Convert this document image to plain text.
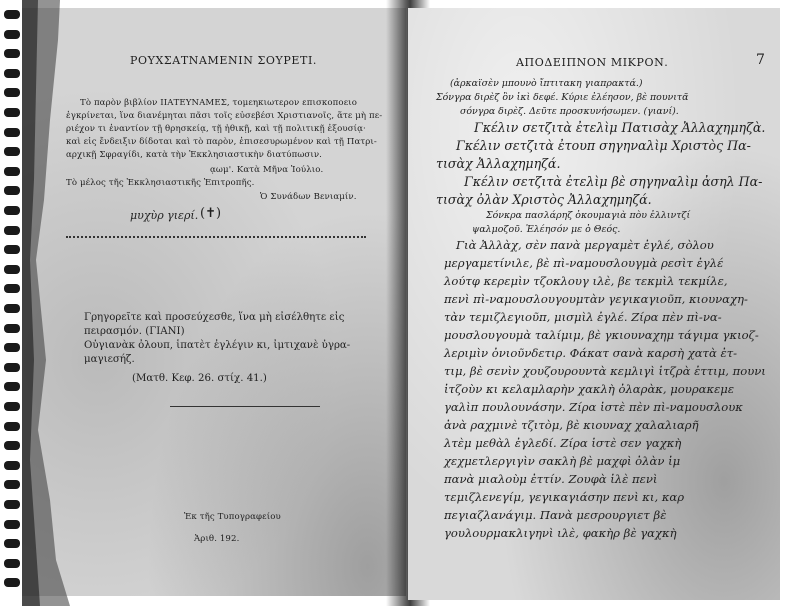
ΡΟΥΧΣΑΤΝΑΜΕΝΙΝ ΣΟΥΡΕΤΙ.
Τὸ παρὸν βιβλίον ΙΙΑΤΕΥΝΑΜΕΣ, τομεηκιωτερον επισκοποειο
ἐγκρίνεται, ἵνα διανέμηται πᾶσι τοῖς εὐσεβέσι Χριστιανοῖς, ἅτε μὴ πε-
ριέχον τι ἐναντίον τῇ θρησκείᾳ, τῇ ἠθικῇ, καὶ τῇ πολιτικῇ ἐξουσίᾳ·
καὶ εἰς ἔνδειξιν δίδοται καὶ τὸ παρὸν, ἐπισεσυρωμένον καὶ τῇ Πατρι-
αρχικῇ Σφραγίδι, κατὰ τὴν Ἐκκλησιαστικὴν διατύπωσιν.
ᾳωμ'. Κατὰ Μῆνα Ἰούλιο.
Τὸ μέλος τῆς Ἐκκλησιαστικῆς Ἐπιτροπῆς.
Ὁ Συνάδων Βενιαμίν.
μυχὺρ γιερί. (✝)
Γρηγορεῖτε καὶ προσεύχεσθε, ἵνα μὴ εἰσέλθητε εἰς
πειρασμόν. (ΓΙΑΝΙ)
Οὐγιανὰκ ὀλουπ, ἱπατὲτ ἐγλέγιν κι, ἰμτιχανὲ ὐγρα-
μαγιεσήζ.
(Ματθ. Κεφ. 26. στίχ. 41.)
Ἐκ τῆς Τυπογραφείου
Ἀριθ. 192.
ΑΠΟΔΕΙΠΝΟΝ ΜΙΚΡΟΝ.	7
(ἀρκαϊσὲν μπουνὸ ἴπτιτακη γιαπρακτά.)
Σόνγρα διρὲζ ὂν ἰκὶ δεφέ. Κύριε ἐλέησον, βὲ πουνιτᾶ
σόνγρα διρὲζ. Δεῦτε προσκυνήσωμεν. (γιανί).
Γκέλιν σετζιτὰ ἐτελὶμ Πατισὰχ Ἀλλαχημηζὰ.
Γκέλιν σετζιτὰ ἐτουπ σηγηναλὶμ Χριστὸς Πα-
τισὰχ Ἀλλαχημηζά.
Γκέλιν σετζιτὰ ἐτελὶμ βὲ σηγηναλὶμ ἀσηλ Πα-
τισὰχ ὀλὰν Χριστὸς Ἀλλαχημηζά.
Σόνκρα πασλάρηζ ὀκουμαγιὰ πὸυ ἐλλιντζί
ψαλμοζοῦ. Ἐλέησόν με ὁ Θεός.
Γιὰ Ἀλλὰχ, σὲν πανὰ μεργαμὲτ ἐγλέ, σὸλου
μεργαμετίνιλε, βὲ πὶ-ναμουσλουγμὰ ρεσὶτ ἐγλέ
λούτφ κερεμὶν τζοκλουγ ιλὲ, βε τεκμὶλ τεκμίλε,
πενὶ πὶ-ναμουσλουγουμτὰν γεγικαγιοῦπ, κιουναχη-
τὰν τεμιζλεγιοῦπ, μισμὶλ ἐγλέ. Ζίρα πὲν πὶ-να-
μουσλουγουμὰ ταλίμιμ, βὲ γκιουναχημ τάγιμα γκιοζ-
λεριμὶν ὀνιοῦνδετιρ. Φάκατ σανὰ καρσὴ χατὰ ἐτ-
τιμ, βὲ σενὶν χουζουρουντὰ κεμλιγὶ ἰτζρὰ ἐττιμ, πουνι
ἰτζοὺν κι κελαμλαρὴν χακλὴ ὀλαρὰκ, μουρακεμε
γαλὶπ πουλουνάσην. Ζίρα ἰστὲ πὲν πὶ-ναμουσλουκ
ἀνὰ ραχμινὲ τζιτὸμ, βὲ κιουναχ χαλαλιαρῆ
λτὲμ μεθὰλ ἐγλεδί. Ζίρα ἰστὲ σεν γαχκὴ
χεχμετλεργιγὶν σακλὴ βὲ μαχφὶ ὀλὰν ἰμ
πανὰ μιαλοὺμ ἐττίν. Ζουφὰ ἰλὲ πενὶ
τεμιζλενεγίμ, γεγικαγιάσην πενὶ κι, καρ
πεγιαζλανάγιμ. Πανὰ μεσρουργιετ βὲ
γουλουρμακλιγηνὶ ιλὲ, φακὴρ βὲ γαχκὴ
